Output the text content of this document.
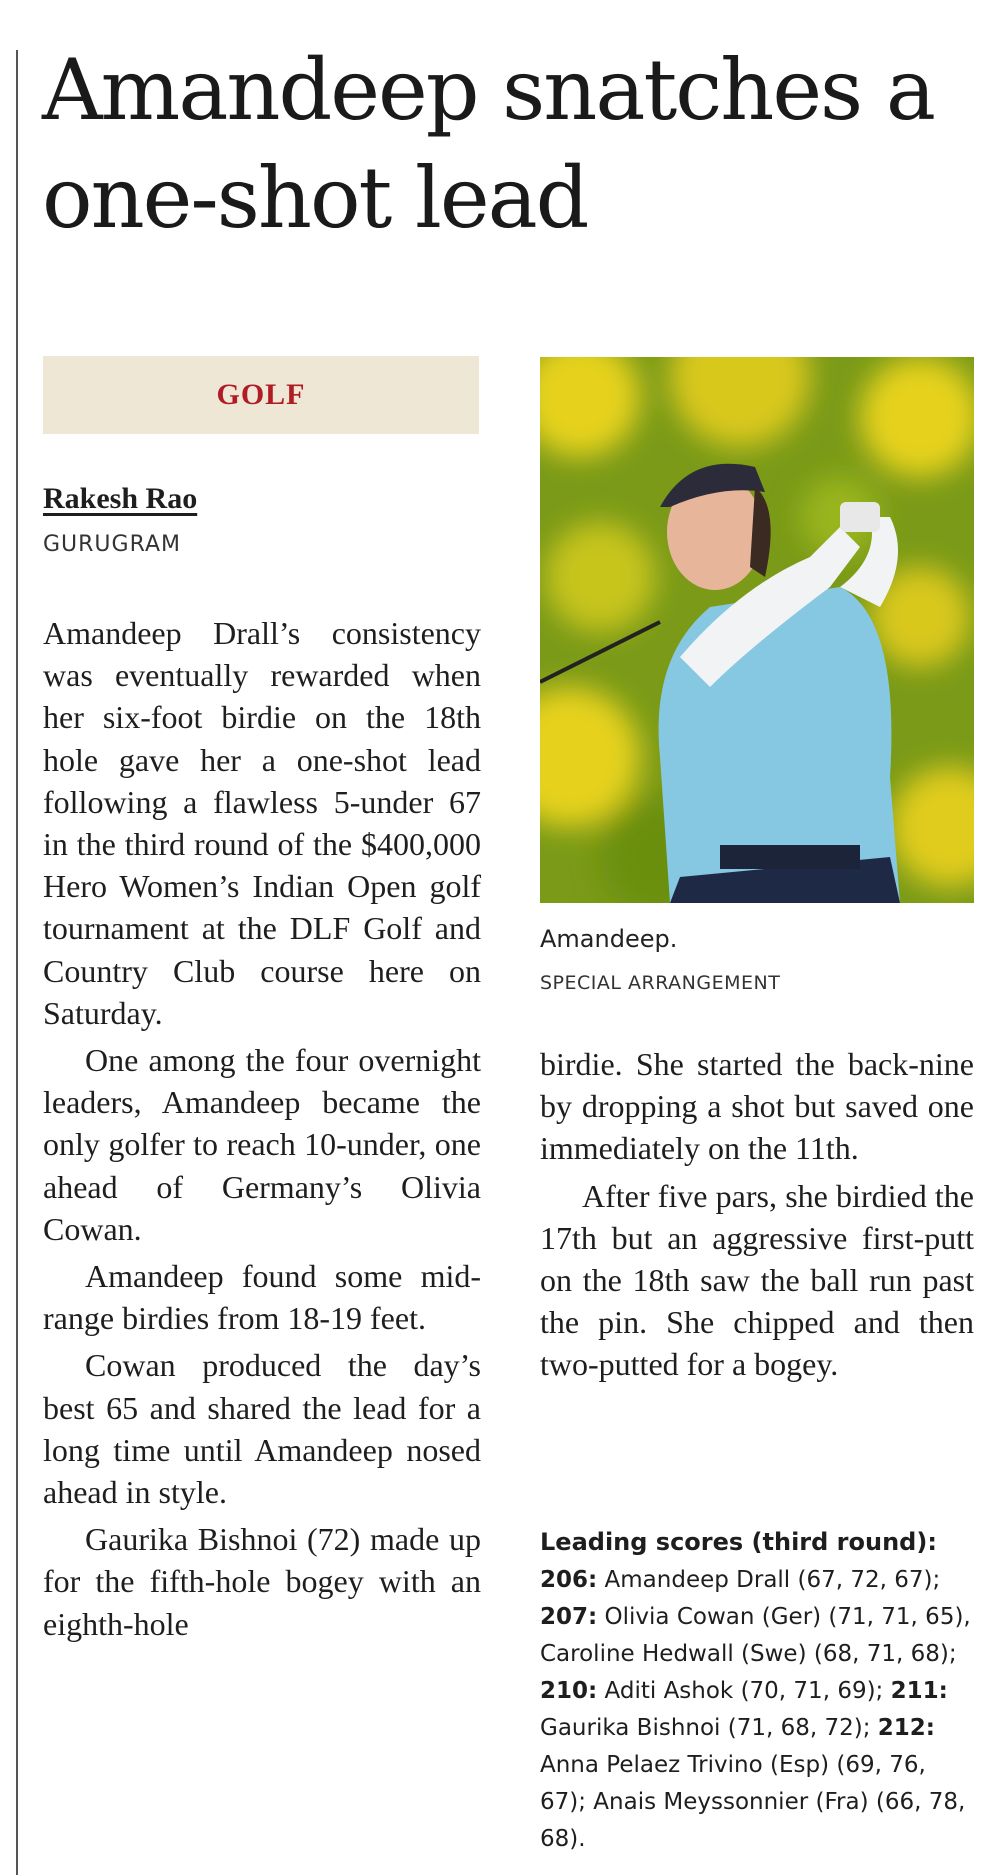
Amandeep snatches a one-shot lead
GOLF
Rakesh Rao
GURUGRAM

Amandeep Drall’s consistency was eventually rewarded when her six-foot birdie on the 18th hole gave her a one-shot lead following a flawless 5-under 67 in the third round of the $400,000 Hero Women’s Indian Open golf tournament at the DLF Golf and Country Club course here on Saturday.

One among the four overnight leaders, Amandeep became the only golfer to reach 10-under, one ahead of Germany’s Olivia Cowan.

Amandeep found some mid-range birdies from 18-19 feet.

Cowan produced the day’s best 65 and shared the lead for a long time until Amandeep nosed ahead in style.

Gaurika Bishnoi (72) made up for the fifth-hole bogey with an eighth-hole

Amandeep.
SPECIAL ARRANGEMENT

birdie. She started the back-nine by dropping a shot but saved one immediately on the 11th.

After five pars, she birdied the 17th but an aggressive first-putt on the 18th saw the ball run past the pin. She chipped and then two-putted for a bogey.

Leading scores (third round):
206: Amandeep Drall (67, 72, 67); 207: Olivia Cowan (Ger) (71, 71, 65), Caroline Hedwall (Swe) (68, 71, 68); 210: Aditi Ashok (70, 71, 69); 211: Gaurika Bishnoi (71, 68, 72); 212: Anna Pelaez Trivino (Esp) (69, 76, 67); Anais Meyssonnier (Fra) (66, 78, 68).
